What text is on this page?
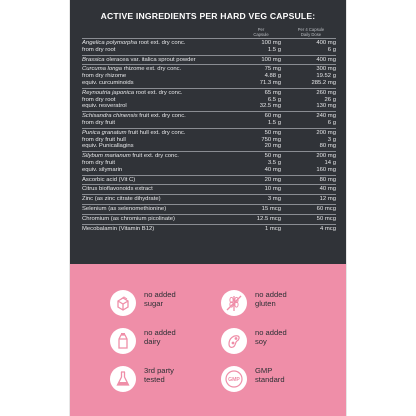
ACTIVE INGREDIENTS PER HARD VEG CAPSULE:
Per
Capsule
Per 4 Capsule
Daily Dose
Angelica polymorpha root ext. dry conc.	100 mg	400 mg
from dry root	1.5 g	6 g
Brassica oleracea var. italica sprout powder	100 mg	400 mg
Curcuma longa rhizome ext. dry conc.	75 mg	300 mg
from dry rhizome	4.88 g	19.52 g
equiv. curcuminoids	71.3 mg	285.2 mg
Reynoutria japonica root ext. dry conc.	65 mg	260 mg
from dry root	6.5 g	26 g
equiv. resveratrol	32.5 mg	130 mg
Schisandra chinensis fruit ext. dry conc.	60 mg	240 mg
from dry fruit	1.5 g	6 g
Punica granatum fruit hull ext. dry conc.	50 mg	200 mg
from dry fruit hull	750 mg	3 g
equiv. Punicallagins	20 mg	80 mg
Silybum marianum fruit ext. dry conc.	50 mg	200 mg
from dry fruit	3.5 g	14 g
equiv. silymarin	40 mg	160 mg
Ascorbic acid (Vit C)	20 mg	80 mg
Citrus bioflavonoids extract	10 mg	40 mg
Zinc (as zinc citrate dihydrate)	3 mg	12 mg
Selenium (as selenomethionine)	15 mcg	60 mcg
Chromium (as chromium picolinate)	12.5 mcg	50 mcg
Mecobalamin (Vitamin B12)	1 mcg	4 mcg
no added
sugar
no added
gluten
no added
dairy
no added
soy
3rd party
tested	GMP
GMP
standard
